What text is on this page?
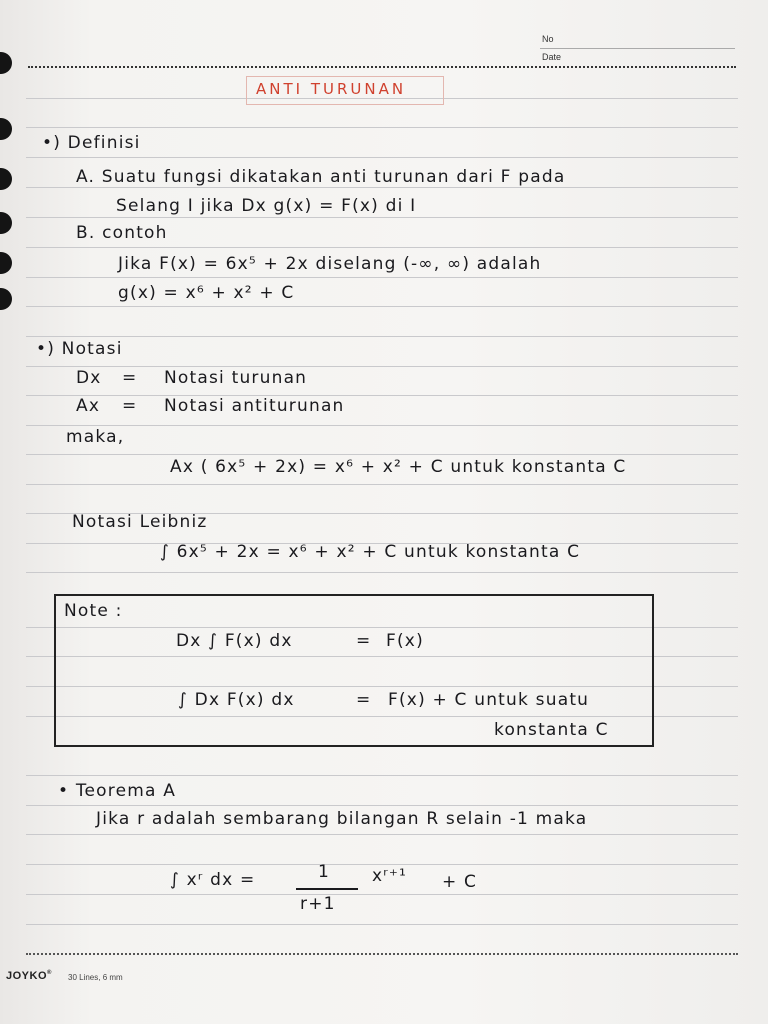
No
Date
ANTI TURUNAN
•) Definisi
A. Suatu fungsi dikatakan anti turunan dari F pada
Selang I jika Dx g(x) = F(x) di I
B. contoh
Jika F(x) = 6x⁵ + 2x diselang (-∞, ∞) adalah
g(x) = x⁶ + x² + C
•) Notasi
Dx = Notasi turunan
Ax = Notasi antiturunan
maka,
Ax ( 6x⁵ + 2x) = x⁶ + x² + C untuk konstanta C
Notasi Leibniz
∫ 6x⁵ + 2x = x⁶ + x² + C untuk konstanta C
Note :
Dx ∫ F(x) dx	= F(x)
∫ Dx F(x) dx	= F(x) + C untuk suatu
konstanta C
• Teorema A
Jika r adalah sembarang bilangan R selain -1 maka
∫ xʳ dx =	1
r+1
xʳ⁺¹ + C
JOYKO® 30 Lines, 6 mm
